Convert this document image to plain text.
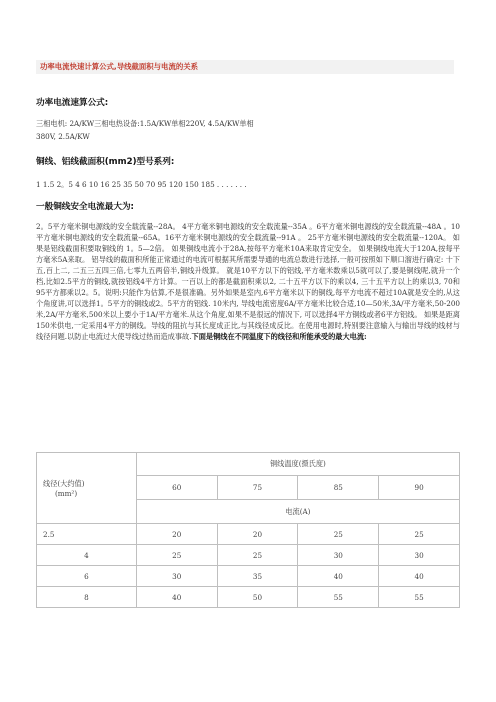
功率电流快速计算公式,导线截面积与电流的关系
功率电流速算公式:
三相电机: 2A/KW三相电热设备:1.5A/KW单相220V, 4.5A/KW单相
380V, 2.5A/KW
铜线、铝线截面积(mm2)型号系列:
1 1.5 2。5 4 6 10 16 25 35 50 70 95 120 150 185 . . . . . . .
一般铜线安全电流最大为:
2。5平方毫米铜电源线的安全载流量--28A。 4平方毫米铜电源线的安全载流量--35A 。6平方毫米铜电源线的安全载流量--48A 。10平方毫米铜电源线的安全载流量--65A。16平方毫米铜电源线的安全载流量--91A 。 25平方毫米铜电源线的安全载流量--120A。 如果是铝线截面积要取铜线的 1。5—2倍。 如果铜线电流小于28A,按每平方毫米10A来取肯定安全。 如果铜线电流大于120A,按每平方毫米5A来取。 铝导线的截面积所能正常通过的电流可根据其所需要导通的电流总数进行选择,一般可按照如下顺口溜进行确定: 十下五,百上二, 二五三五四三倍,七零九五两倍半,铜线升级算。 就是10平方以下的铝线,平方毫米数乘以5就可以了,要是铜线呢,就升一个档,比如2.5平方的铜线,就按铝线4平方计算。一百以上的都是截面积乘以2, 二十五平方以下的乘以4, 三十五平方以上的乘以3, 70和95平方都乘以2。5。说明:只能作为估算,不是很准确。另外如果是室内,6平方毫米以下的铜线,每平方电流不超过10A就是安全的,从这个角度讲,可以选择1。5平方的铜线或2。5平方的铝线. 10米内, 导线电流密度6A/平方毫米比较合适,10—50米,3A/平方毫米,50-200米,2A/平方毫米,500米以上要小于1A/平方毫米.从这个角度,如果不是很远的情况下, 可以选择4平方铜线或者6平方铝线。 如果是距离150米供电,一定采用4平方的铜线。导线的阻抗与其长度成正比,与其线径成反比。在使用电源时,特别要注意输入与输出导线的线材与线径问题.以防止电流过大使导线过热而造成事故.下面是铜线在不同温度下的线径和所能承受的最大电流:
线径(大约值)
(mm²)	铜线温度(摄氏度)			
	60	75	85	90
	电流(A)			
2.5	20	20	25	25
4	25	25	30	30
6	30	35	40	40
8	40	50	55	55
